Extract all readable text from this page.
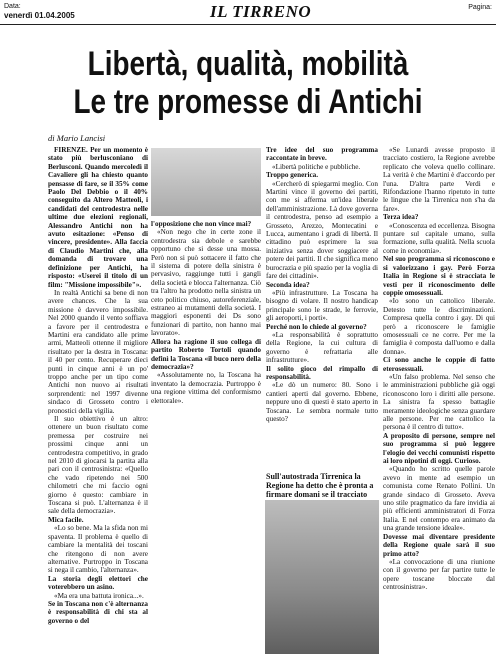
Data:
venerdì 01.04.2005	IL TIRRENO	Pagina:
Libertà, qualità, mobilità
Le tre promesse di Antichi
di Mario Lancisi

FIRENZE. Per un momento è stato più berlusconiano di Berlusconi. Quando mercoledì il Cavaliere gli ha chiesto quanto pensasse di fare, se il 35% come Paolo Del Debbio o il 40% conseguito da Altero Matteoli, i candidati del centrodestra nelle ultime due elezioni regionali, Alessandro Antichi non ha avuto esitazione: «Penso di vincere, presidente». Alla faccia di Claudio Martini che, alla domanda di trovare una definizione per Antichi, ha risposto: «Userei il titolo di un film: "Missione impossibile"».

In realtà Antichi sa bene di non avere chances. Che la sua missione è davvero impossibile. Nel 2000 quando il vento soffiava a favore per il centrodestra e Martini era candidato alle prime armi, Matteoli ottenne il migliore risultato per la destra in Toscana: il 40 per cento. Recuperare dieci punti in cinque anni è un po' troppo anche per un tipo come Antichi non nuovo ai risultati sorprendenti: nel 1997 divenne sindaco di Grosseto contro i pronostici della vigilia.

Il suo obiettivo è un altro: ottenere un buon risultato come premessa per costruire nei prossimi cinque anni un centrodestra competitivo, in grado nel 2010 di giocarsi la partita alla pari con il centrosinistra: «Quello che vado ripetendo nei 500 chilometri che mi faccio ogni giorno è questo: cambiare in Toscana si può. L'alternanza è il sale della democrazia».

Mica facile.

«Lo so bene. Ma la sfida non mi spaventa. Il problema è quello di cambiare la mentalità dei toscani che ritengono di non avere alternative. Purtroppo in Toscana si nega il cambio, l'alternanza».

La storia degli elettori che voterebbero un asino.

«Ma era una battuta ironica...».

Se in Toscana non c'è alternanza è responsabilità di chi sta al governo o del

l'opposizione che non vince mai?

«Non nego che in certe zone il centrodestra sia debole e sarebbe opportuno che si desse una mossa. Però non si può sottacere il fatto che il sistema di potere della sinistra è pervasivo, raggiunge tutti i gangli della società e blocca l'alternanza. Ciò tra l'altro ha prodotto nella sinistra un ceto politico chiuso, autoreferenziale, estraneo ai mutamenti della società. I maggiori esponenti dei Ds sono funzionari di partito, non hanno mai lavorato».

Allora ha ragione il suo collega di partito Roberto Tortoli quando definì la Toscana «il buco nero della democrazia»?

«Assolutamente no, la Toscana ha inventato la democrazia. Purtroppo è una regione vittima del conformismo elettorale».

Tre idee del suo programma raccontate in breve.

«Libertà politiche e pubbliche.

Troppo generica.

«Cercherò di spiegarmi meglio. Con Martini vince il governo dei partiti, con me si afferma un'idea liberale dell'amministrazione. Là dove governa il centrodestra, penso ad esempio a Grosseto, Arezzo, Montecatini e Lucca, aumentano i gradi di libertà. Il cittadino può esprimere la sua iniziativa senza dover soggiacere al potere dei partiti. Il che significa meno burocrazia e più spazio per la voglia di fare dei cittadini».

Seconda idea?

«Più infrastrutture. La Toscana ha bisogno di volare. Il nostro handicap principale sono le strade, le ferrovie, gli aeroporti, i porti».

Perché non lo chiede al governo?

«La responsabilità è soprattutto della Regione, la cui cultura di governo è refrattaria alle infrastrutture».

Il solito gioco del rimpallo di responsabilità.

«Le dò un numero: 80. Sono i cantieri aperti dal governo. Ebbene, neppure uno di questi è stato aperto in Toscana. Le sembra normale tutto questo?

Sull'autostrada Tirrenica la Regione ha detto che è pronta a firmare domani se il tracciato

«Se Lunardi avesse proposto il tracciato costiero, la Regione avrebbe replicato che voleva quello collinare. La verità è che Martini è d'accordo per l'una. D'altra parte Verdi e Rifondazione l'hanno ripetuto in tutte le lingue che la Tirrenica non s'ha da fare».

Terza idea?

«Conoscenza ed eccellenza. Bisogna puntare sul capitale umano, sulla formazione, sulla qualità. Nella scuola come in economia».

Nel suo programma si riconoscono e si valorizzano i gay. Però Forza Italia in Regione si è stracciata le vesti per il riconoscimento delle coppie omosessuali.

«Io sono un cattolico liberale. Detesto tutte le discriminazioni. Compresa quella contro i gay. Di qui però a riconoscere le famiglie omosessuali ce ne corre. Per me la famiglia è composta dall'uomo e dalla donna».

Ci sono anche le coppie di fatto eterosessuali.

«Un falso problema. Nel senso che le amministrazioni pubbliche già oggi riconoscono loro i diritti alle persone. La sinistra fa spesso battaglie meramente ideologiche senza guardare alle persone. Per me cattolico la persona è il centro di tutto».

A proposito di persone, sempre nel suo programma si può leggere l'elogio dei vecchi comunisti rispetto ai loro nipotini di oggi. Curioso.

«Quando ho scritto quelle parole avevo in mente ad esempio un comunista come Renato Pollini. Un grande sindaco di Grosseto. Aveva uno stile pragmatico da fare invidia ai più efficienti amministratori di Forza Italia. E nel contempo era animato da una grande tensione ideale».

Dovesse mai diventare presidente della Regione quale sarà il suo primo atto?

«La convocazione di una riunione con il governo per far partire tutte le opere toscane bloccate dal centrosinistra».
